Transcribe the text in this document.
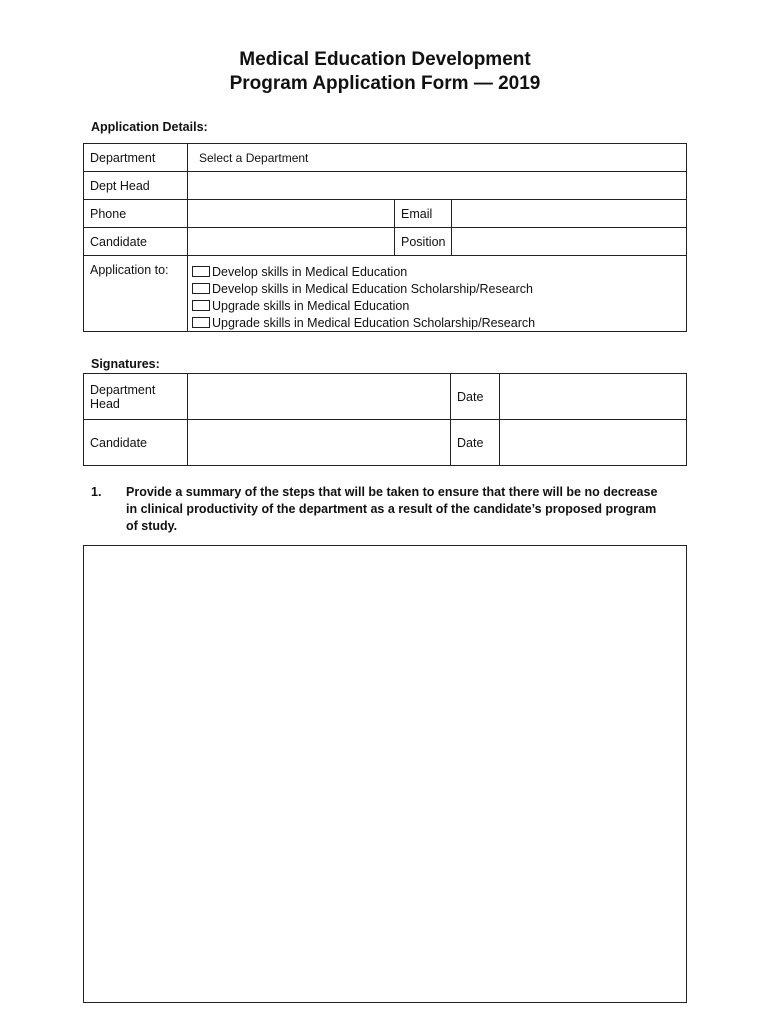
Medical Education Development
Program Application Form — 2019
Application Details:
Department	Select a Department		
Dept Head			
Phone		Email	
Candidate		Position	
Application to:	Develop skills in Medical Education
Develop skills in Medical Education Scholarship/Research
Upgrade skills in Medical Education
Upgrade skills in Medical Education Scholarship/Research		
Signatures:
Department Head		Date	
Candidate		Date	
1. Provide a summary of the steps that will be taken to ensure that there will be no decrease in clinical productivity of the department as a result of the candidate’s proposed program of study.
